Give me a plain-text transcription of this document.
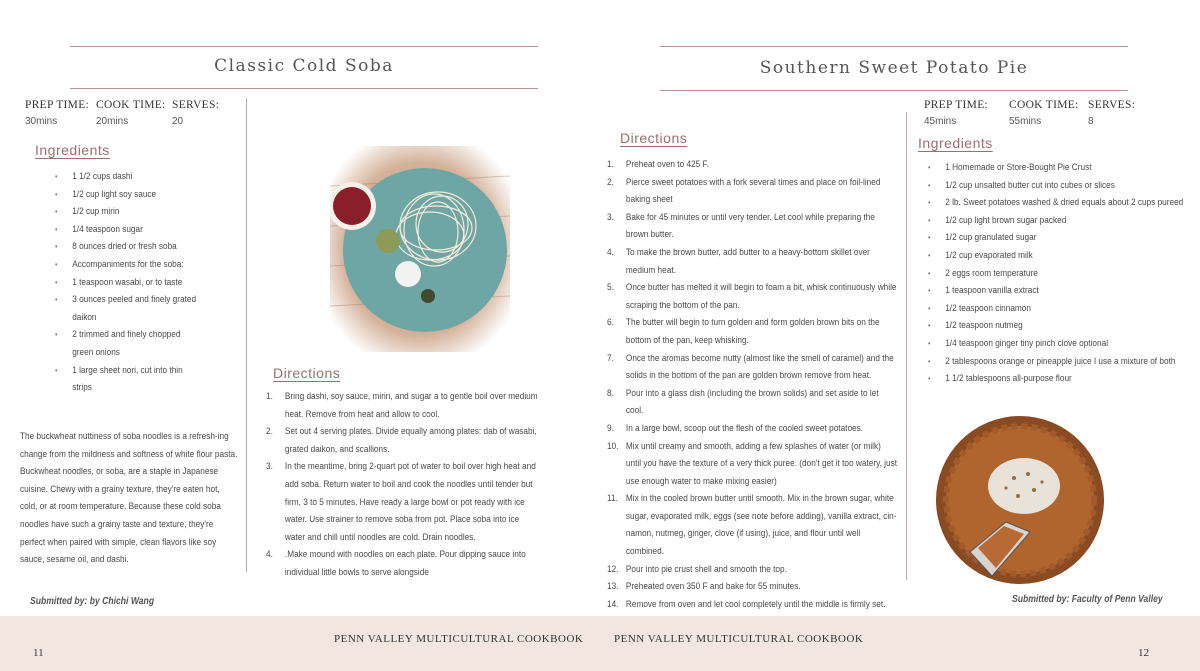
Classic Cold Soba
PREP TIME: COOK TIME: SERVES:
30mins	20mins	20
Ingredients
• 1 1/2 cups dashi
• 1/2 cup light soy sauce
• 1/2 cup mirin
• 1/4 teaspoon sugar
• 8 ounces dried or fresh soba
• Accompaniments for the soba:
• 1 teaspoon wasabi, or to taste
• 3 ounces peeled and finely grated daikon
• 2 trimmed and finely chopped green onions
• 1 large sheet nori, cut into thin strips
The buckwheat nuttiness of soba noodles is a refresh-ing change from the mildness and softness of white flour pasta. Buckwheat noodles, or soba, are a staple in Japanese cuisine. Chewy with a grainy texture, they're eaten hot, cold, or at room temperature. Because these cold soba noodles have such a grainy taste and texture, they're perfect when paired with simple, clean flavors like soy sauce, sesame oil, and dashi.
Directions
1. Bring dashi, soy sauce, mirin, and sugar a to gentle boil over medium heat. Remove from heat and allow to cool.
2. Set out 4 serving plates. Divide equally among plates: dab of wasabi, grated daikon, and scallions.
3. In the meantime, bring 2-quart pot of water to boil over high heat and add soba. Return water to boil and cook the noodles until tender but firm, 3 to 5 minutes. Have ready a large bowl or pot ready with ice water. Use strainer to remove soba from pot. Place soba into ice water and chill until noodles are cold. Drain noodles.
4. .Make mound with noodles on each plate. Pour dipping sauce into individual little bowls to serve alongside
Submitted by: by Chichi Wang
Southern Sweet Potato Pie
PREP TIME: COOK TIME: SERVES:
45mins	55mins	8
Directions
1. Preheat oven to 425 F.
2. Pierce sweet potatoes with a fork several times and place on foil-lined baking sheet
3. Bake for 45 minutes or until very tender. Let cool while preparing the brown butter.
4. To make the brown butter, add butter to a heavy-bottom skillet over medium heat.
5. Once butter has melted it will begin to foam a bit, whisk continuously while scraping the bottom of the pan.
6. The butter will begin to turn golden and form golden brown bits on the bottom of the pan, keep whisking.
7. Once the aromas become nutty (almost like the smell of caramel) and the solids in the bottom of the pan are golden brown remove from heat.
8. Pour into a glass dish (including the brown solids) and set aside to let cool.
9. In a large bowl, scoop out the flesh of the cooled sweet potatoes.
10. Mix until creamy and smooth, adding a few splashes of water (or milk) until you have the texture of a very thick puree. (don't get it too watery, just use enough water to make mixing easier)
11. Mix in the cooled brown butter until smooth. Mix in the brown sugar, white sugar, evaporated milk, eggs (see note before adding), vanilla extract, cin-namon, nutmeg, ginger, clove (if using), juice, and flour until well combined.
12. Pour into pie crust shell and smooth the top.
13. Preheated oven 350 F and bake for 55 minutes.
14. Remove from oven and let cool completely until the middle is firmly set.
Ingredients
• 1 Homemade or Store-Bought Pie Crust
• 1/2 cup unsalted butter cut into cubes or slices
• 2 lb. Sweet potatoes washed & dried equals about 2 cups pureed
• 1/2 cup light brown sugar packed
• 1/2 cup granulated sugar
• 1/2 cup evaporated milk
• 2 eggs room temperature
• 1 teaspoon vanilla extract
• 1/2 teaspoon cinnamon
• 1/2 teaspoon nutmeg
• 1/4 teaspoon ginger tiny pinch clove optional
• 2 tablespoons orange or pineapple juice I use a mixture of both
• 1 1/2 tablespoons all-purpose flour
Submitted by: Faculty of Penn Valley
PENN VALLEY MULTICULTURAL COOKBOOK	PENN VALLEY MULTICULTURAL COOKBOOK
11	12
